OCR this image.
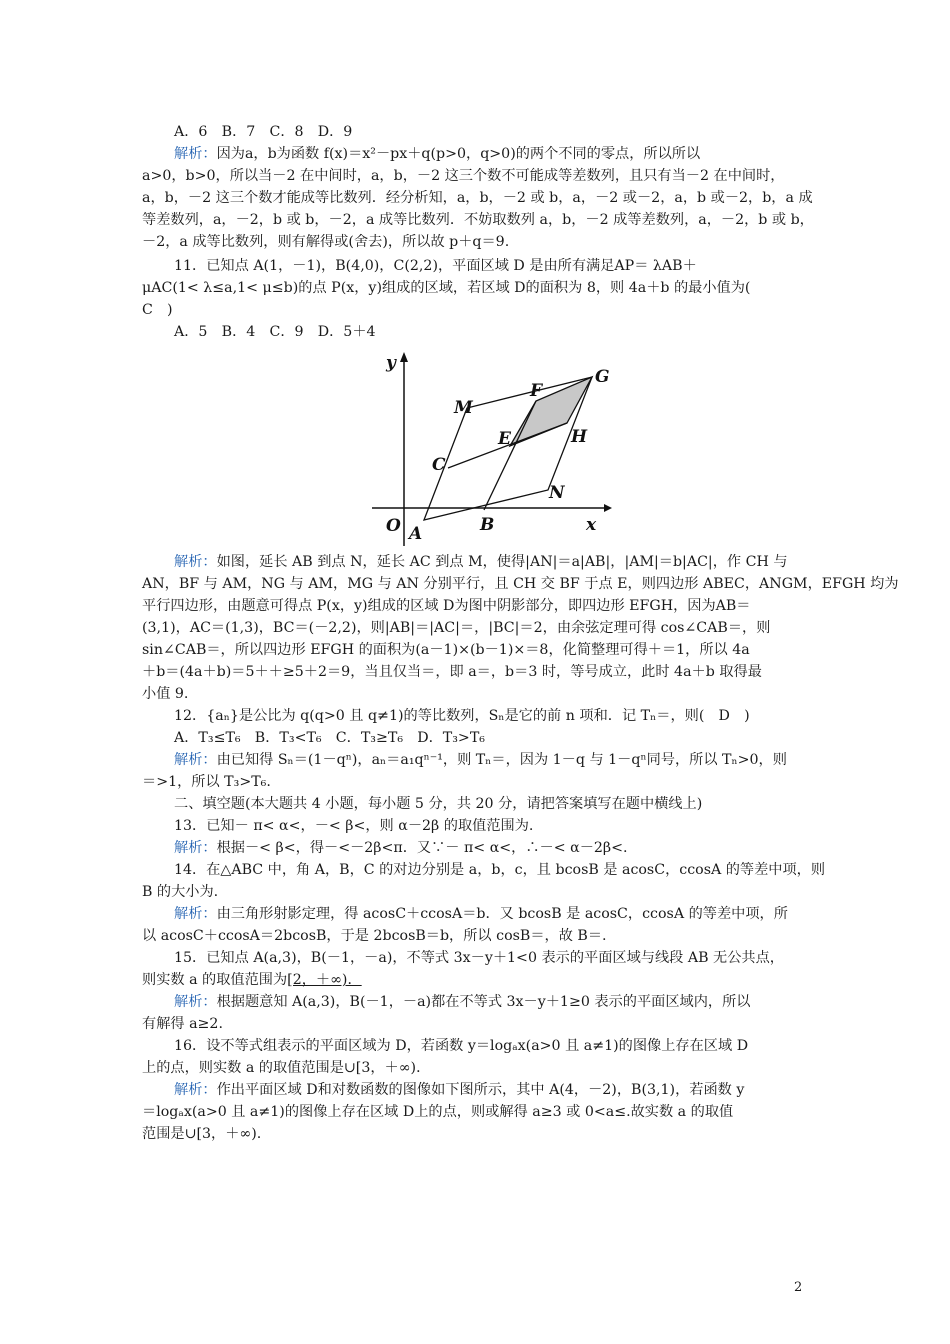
A．6　B．7　C．8　D．9
解析：因为a，b为函数 f(x)＝x²－px＋q(p>0，q>0)的两个不同的零点，所以所以
a>0，b>0，所以当－2 在中间时，a，b，－2 这三个数不可能成等差数列，且只有当－2 在中间时，
a，b，－2 这三个数才能成等比数列．经分析知，a，b，－2 或 b，a，－2 或－2，a，b 或－2，b，a 成
等差数列，a，－2，b 或 b，－2，a 成等比数列．不妨取数列 a，b，－2 成等差数列，a，－2，b 或 b，
－2，a 成等比数列，则有解得或(舍去)，所以故 p＋q＝9.
11．已知点 A(1，－1)，B(4,0)，C(2,2)，平面区域 D 是由所有满足AP＝ λAB＋
μAC(1< λ≤a,1< μ≤b)的点 P(x，y)组成的区域，若区域 D的面积为 8，则 4a＋b 的最小值为(
C　)
A．5　B．4　C．9　D．5＋4
y
x
O A	B
C
E
F
G
H
M
N
解析：如图，延长 AB 到点 N，延长 AC 到点 M，使得|AN|＝a|AB|，|AM|＝b|AC|，作 CH 与
AN，BF 与 AM，NG 与 AM，MG 与 AN 分别平行，且 CH 交 BF 于点 E，则四边形 ABEC，ANGM，EFGH 均为
平行四边形，由题意可得点 P(x，y)组成的区域 D为图中阴影部分，即四边形 EFGH，因为AB＝
(3,1)，AC＝(1,3)，BC＝(－2,2)，则|AB|＝|AC|＝，|BC|＝2，由余弦定理可得 cos∠CAB＝，则
sin∠CAB＝，所以四边形 EFGH 的面积为(a－1)×(b－1)×＝8，化简整理可得＋＝1，所以 4a
＋b＝(4a＋b)＝5＋＋≥5＋2＝9，当且仅当＝，即 a＝，b＝3 时，等号成立，此时 4a＋b 取得最
小值 9.
12．{aₙ}是公比为 q(q>0 且 q≠1)的等比数列，Sₙ是它的前 n 项和．记 Tₙ＝，则(　D　)
A．T₃≤T₆　B．T₃<T₆　C．T₃≥T₆　D．T₃>T₆
解析：由已知得 Sₙ＝(1－qⁿ)，aₙ＝a₁qⁿ⁻¹，则 Tₙ＝，因为 1－q 与 1－qⁿ同号，所以 Tₙ>0，则
＝>1，所以 T₃>T₆.
二、填空题(本大题共 4 小题，每小题 5 分，共 20 分，请把答案填写在题中横线上)
13．已知－ π< α<，－< β<，则 α－2β 的取值范围为.
解析：根据－< β<，得－<－2β<π．又∵－ π< α<，∴－< α－2β<.
14．在△ABC 中，角 A，B，C 的对边分别是 a，b，c，且 bcosB 是 acosC，ccosA 的等差中项，则
B 的大小为.
解析：由三角形射影定理，得 acosC＋ccosA＝b．又 bcosB 是 acosC，ccosA 的等差中项，所
以 acosC＋ccosA＝2bcosB，于是 2bcosB＝b，所以 cosB＝，故 B＝.
15．已知点 A(a,3)，B(－1，－a)，不等式 3x－y＋1<0 表示的平面区域与线段 AB 无公共点，
则实数 a 的取值范围为[2，＋∞)．
解析：根据题意知 A(a,3)，B(－1，－a)都在不等式 3x－y＋1≥0 表示的平面区域内，所以
有解得 a≥2.
16．设不等式组表示的平面区域为 D，若函数 y＝logₐx(a>0 且 a≠1)的图像上存在区域 D
上的点，则实数 a 的取值范围是∪[3，＋∞)．
解析：作出平面区域 D和对数函数的图像如下图所示，其中 A(4，－2)，B(3,1)，若函数 y
＝logₐx(a>0 且 a≠1)的图像上存在区域 D上的点，则或解得 a≥3 或 0<a≤.故实数 a 的取值
范围是∪[3，＋∞).
2
